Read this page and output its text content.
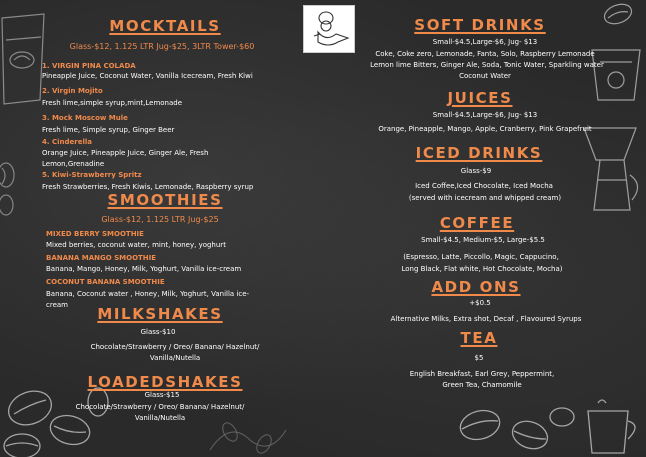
MOCKTAILS
Glass-$12, 1.125 LTR Jug-$25, 3LTR Tower-$60
1. VIRGIN PINA COLADA
Pineapple Juice, Coconut Water, Vanilla Icecream, Fresh Kiwi
2. Virgin Mojito
Fresh lime,simple syrup,mint,Lemonade
3. Mock Moscow Mule
Fresh lime, Simple syrup, Ginger Beer
4. Cinderella
Orange Juice, Pineapple Juice, Ginger Ale, Fresh
Lemon,Grenadine
5. Kiwi-Strawberry Spritz
Fresh Strawberries, Fresh Kiwis, Lemonade, Raspberry syrup
SMOOTHIES
Glass-$12, 1.125 LTR Jug-$25
MIXED BERRY SMOOTHIE
Mixed berries, coconut water, mint, honey, yoghurt
BANANA MANGO SMOOTHIE
Banana, Mango, Honey, Milk, Yoghurt, Vanilla ice-cream
COCONUT BANANA SMOOTHIE
Banana, Coconut water , Honey, Milk, Yoghurt, Vanilla ice-
cream MILKSHAKES
Glass-$10
Chocolate/Strawberry / Oreo/ Banana/ Hazelnut/
Vanilla/Nutella
LOADEDSHAKES
Glass-$15
Chocolate/Strawberry / Oreo/ Banana/ Hazelnut/
Vanilla/Nutella
SOFT DRINKS
Small-$4.5,Large-$6, Jug- $13
Coke, Coke zero, Lemonade, Fanta, Solo, Raspberry Lemonade
Lemon lime Bitters, Ginger Ale, Soda, Tonic Water, Sparkling water
Coconut Water
JUICES
Small-$4.5,Large-$6, Jug- $13
Orange, Pineapple, Mango, Apple, Cranberry, Pink Grapefruit
ICED DRINKS
Glass-$9
Iced Coffee,Iced Chocolate, Iced Mocha
(served with icecream and whipped cream)
COFFEE
Small-$4.5, Medium-$5, Large-$5.5
(Espresso, Latte, Piccollo, Magic, Cappucino,
Long Black, Flat white, Hot Chocolate, Mocha)
ADD ONS
+$0.5
Alternative Milks, Extra shot, Decaf , Flavoured Syrups
TEA
$5
English Breakfast, Earl Grey, Peppermint,
Green Tea, Chamomile
